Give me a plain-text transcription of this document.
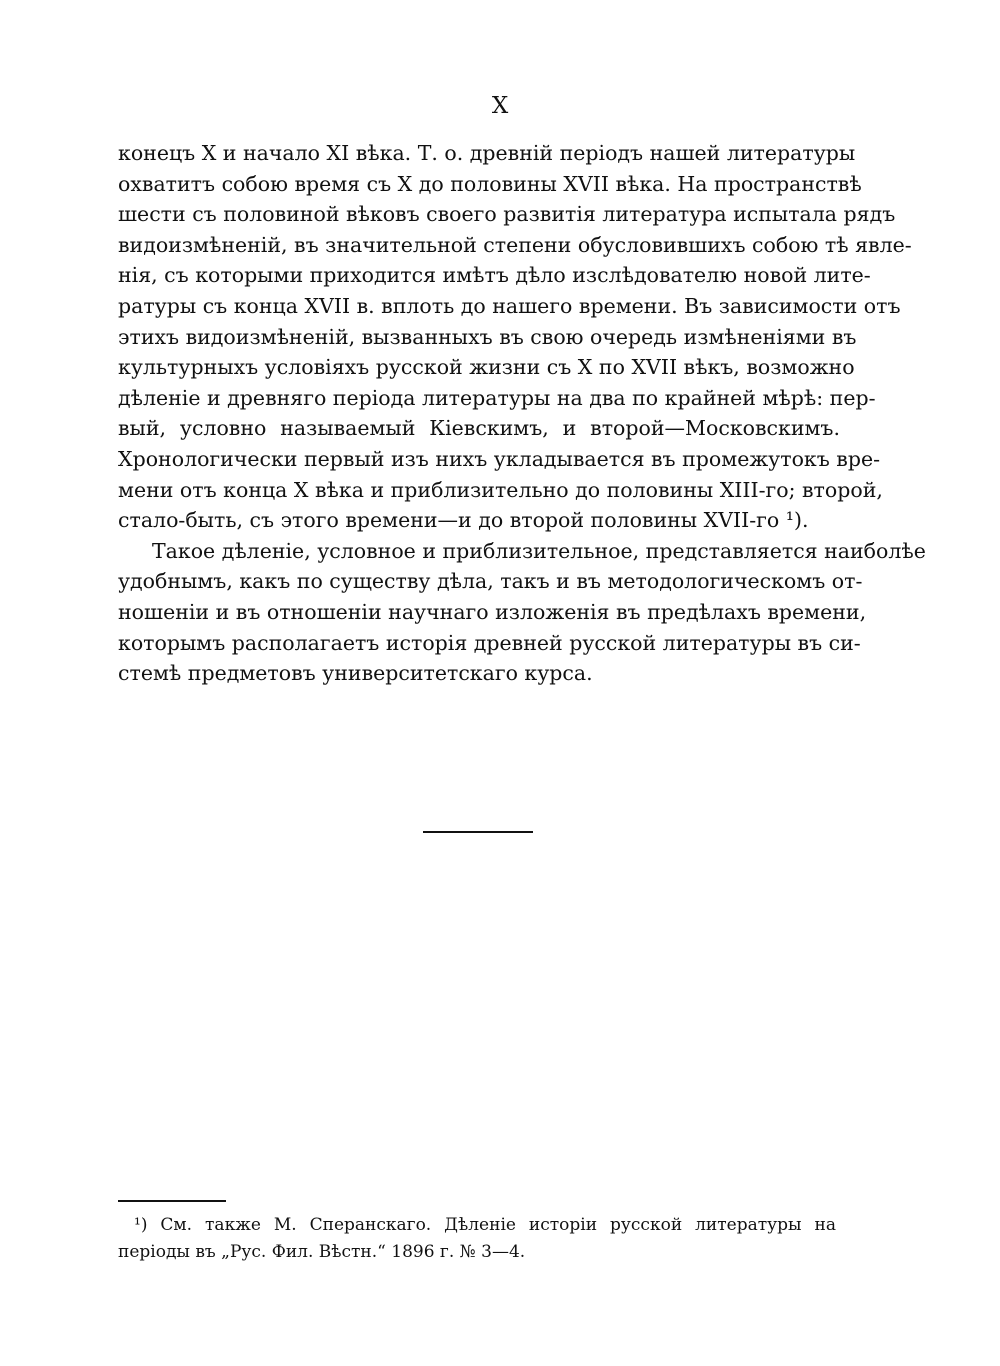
X
конецъ X и начало XI вѣка. Т. о. древній періодъ нашей литературы
охватитъ собою время съ X до половины XVII вѣка. На пространствѣ
шести съ половиной вѣковъ своего развитія литература испытала рядъ
видоизмѣненій, въ значительной степени обусловившихъ собою тѣ явле-
нія, съ которыми приходится имѣтъ дѣло изслѣдователю новой лите-
ратуры съ конца XVII в. вплоть до нашего времени. Въ зависимости отъ
этихъ видоизмѣненій, вызванныхъ въ свою очередь измѣненіями въ
культурныхъ условіяхъ русской жизни съ X по XVII вѣкъ, возможно
дѣленіе и древняго періода литературы на два по крайней мѣрѣ: пер-
вый, условно называемый Кіевскимъ, и второй—Московскимъ.
Хронологически первый изъ нихъ укладывается въ промежутокъ вре-
мени отъ конца X вѣка и приблизительно до половины XIII-го; второй,
стало-быть, съ этого времени—и до второй половины XVII-го ¹).
Такое дѣленіе, условное и приблизительное, представляется наиболѣе
удобнымъ, какъ по существу дѣла, такъ и въ методологическомъ от-
ношеніи и въ отношеніи научнаго изложенія въ предѣлахъ времени,
которымъ располагаетъ исторія древней русской литературы въ си-
стемѣ предметовъ университетскаго курса.
¹) См. также М. Сперанскаго. Дѣленіе исторіи русской литературы на
періоды въ „Рус. Фил. Вѣстн.“ 1896 г. № 3—4.
